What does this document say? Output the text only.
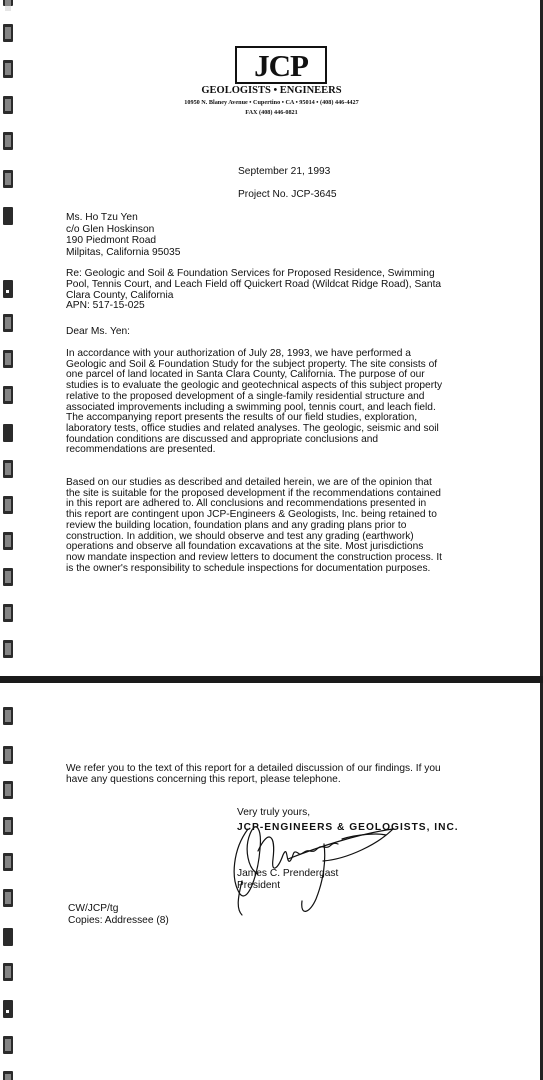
JCP
GEOLOGISTS • ENGINEERS
10950 N. Blaney Avenue • Cupertino • CA • 95014 • (408) 446-4427
FAX (408) 446-0821
September 21, 1993
Project No. JCP-3645
Ms. Ho Tzu Yen
c/o Glen Hoskinson
190 Piedmont Road
Milpitas, California 95035
Re: Geologic and Soil & Foundation Services for Proposed Residence, Swimming
Pool, Tennis Court, and Leach Field off Quickert Road (Wildcat Ridge Road), Santa
Clara County, California
APN: 517-15-025
Dear Ms. Yen:
In accordance with your authorization of July 28, 1993, we have performed a
Geologic and Soil & Foundation Study for the subject property. The site consists of
one parcel of land located in Santa Clara County, California. The purpose of our
studies is to evaluate the geologic and geotechnical aspects of this subject property
relative to the proposed development of a single-family residential structure and
associated improvements including a swimming pool, tennis court, and leach field.
The accompanying report presents the results of our field studies, exploration,
laboratory tests, office studies and related analyses. The geologic, seismic and soil
foundation conditions are discussed and appropriate conclusions and
recommendations are presented.
Based on our studies as described and detailed herein, we are of the opinion that
the site is suitable for the proposed development if the recommendations contained
in this report are adhered to. All conclusions and recommendations presented in
this report are contingent upon JCP-Engineers & Geologists, Inc. being retained to
review the building location, foundation plans and any grading plans prior to
construction. In addition, we should observe and test any grading (earthwork)
operations and observe all foundation excavations at the site. Most jurisdictions
now mandate inspection and review letters to document the construction process. It
is the owner's responsibility to schedule inspections for documentation purposes.
We refer you to the text of this report for a detailed discussion of our findings. If you
have any questions concerning this report, please telephone.
Very truly yours,
JCP-ENGINEERS & GEOLOGISTS, INC.
James C. Prendergast
President
CW/JCP/tg
Copies: Addressee (8)
